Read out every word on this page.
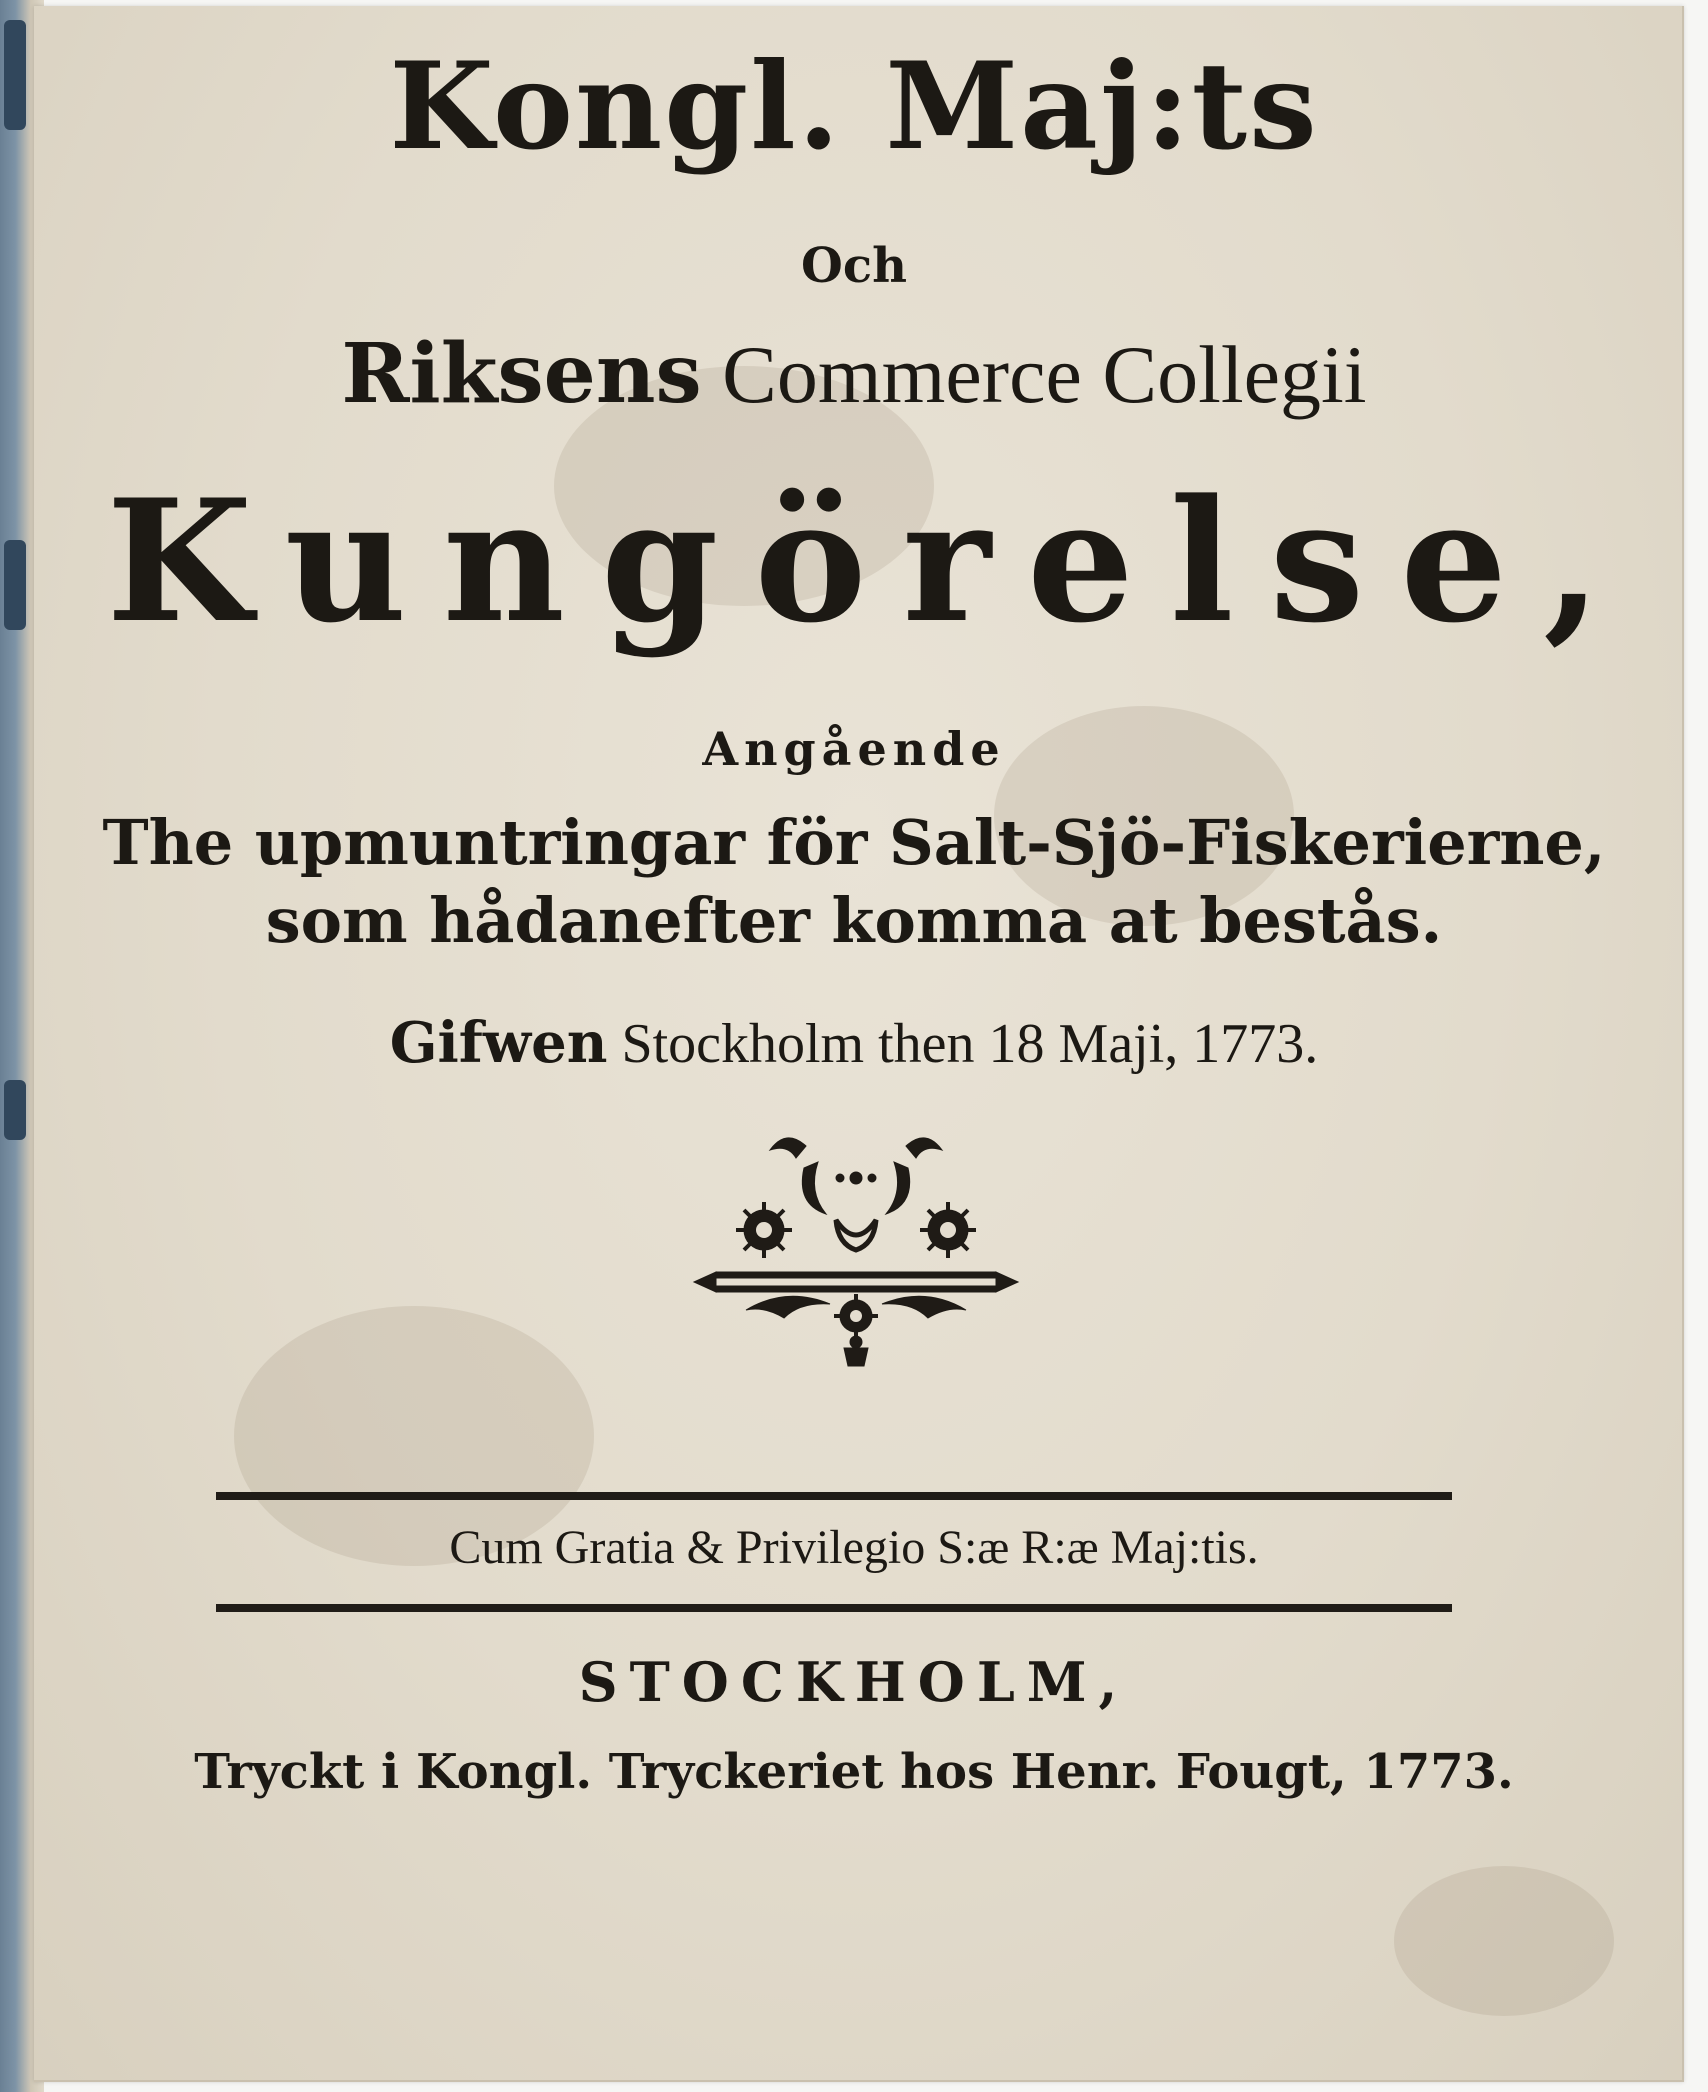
Kongl. Maj:ts
Och
Riksens Commerce Collegii
Kungörelse,
Angående
The upmuntringar för Salt-Sjö-Fiskerierne,
som hådanefter komma at bestås.
Gifwen Stockholm then 18 Maji, 1773.
Cum Gratia & Privilegio S:æ R:æ Maj:tis.
STOCKHOLM,
Tryckt i Kongl. Tryckeriet hos Henr. Fougt, 1773.
